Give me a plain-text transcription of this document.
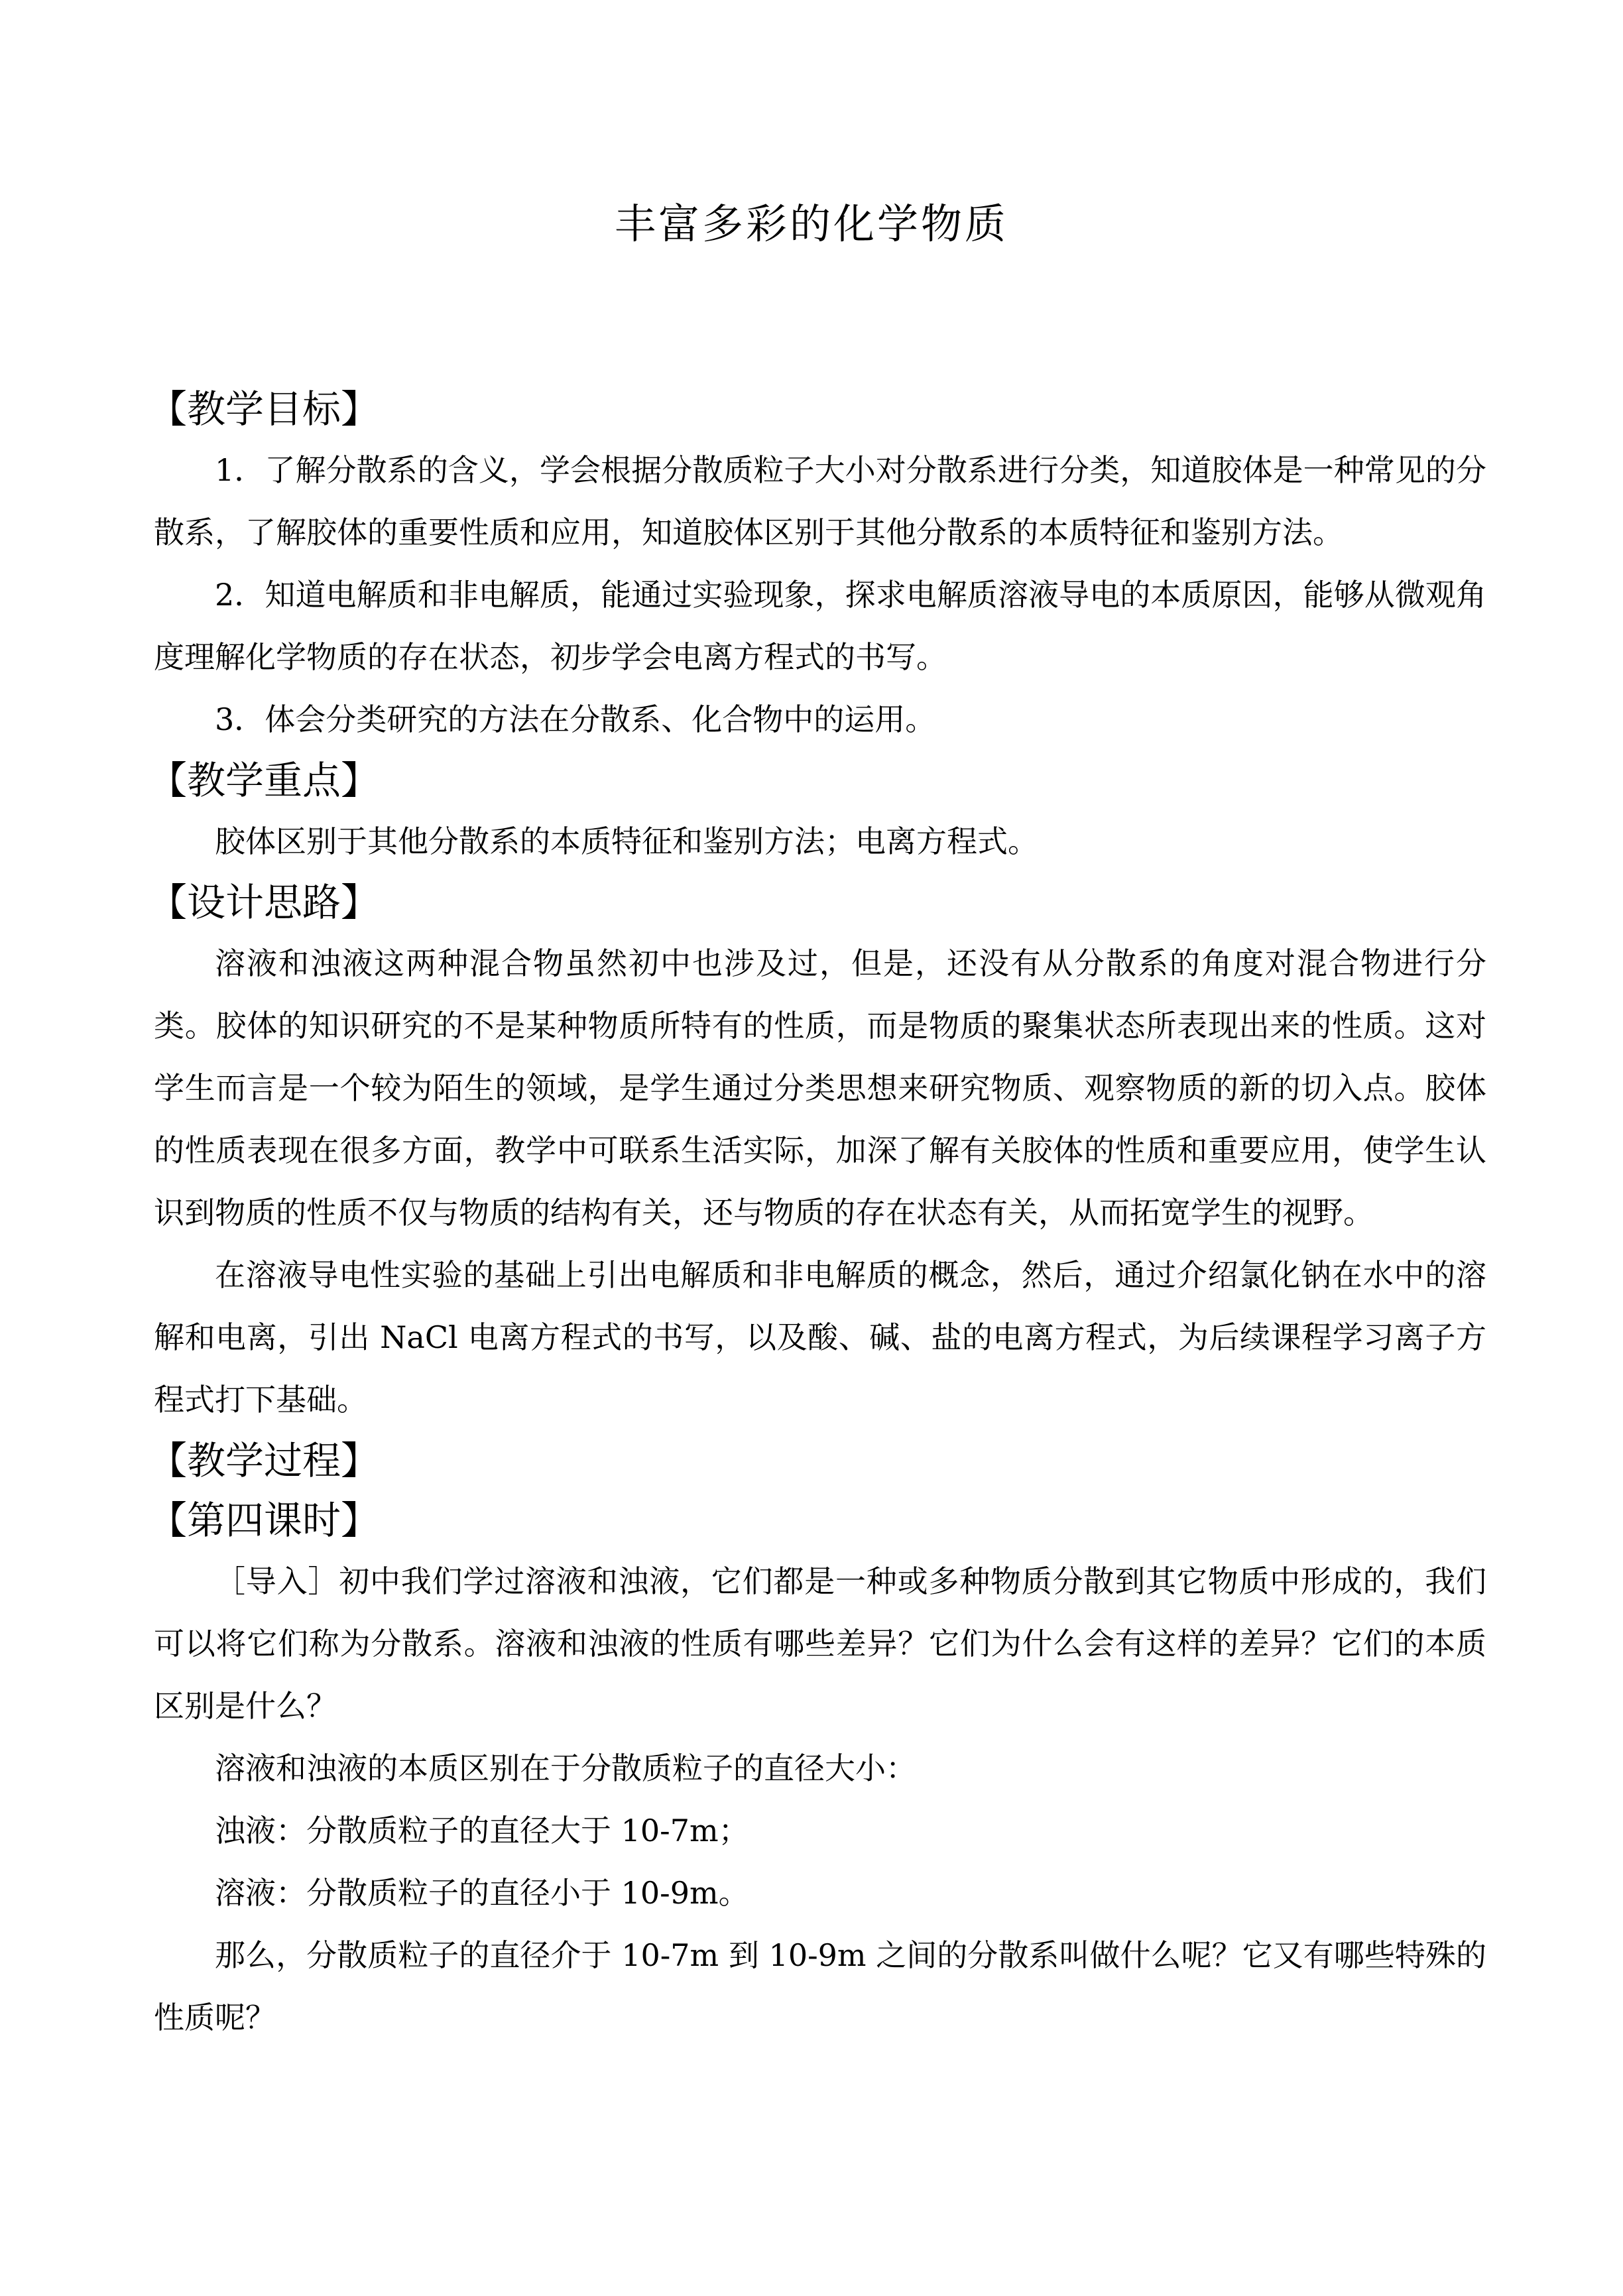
丰富多彩的化学物质

【教学目标】

1．了解分散系的含义，学会根据分散质粒子大小对分散系进行分类，知道胶体是一种常见的分散系，了解胶体的重要性质和应用，知道胶体区别于其他分散系的本质特征和鉴别方法。

2．知道电解质和非电解质，能通过实验现象，探求电解质溶液导电的本质原因，能够从微观角度理解化学物质的存在状态，初步学会电离方程式的书写。

3．体会分类研究的方法在分散系、化合物中的运用。

【教学重点】

胶体区别于其他分散系的本质特征和鉴别方法；电离方程式。

【设计思路】

溶液和浊液这两种混合物虽然初中也涉及过，但是，还没有从分散系的角度对混合物进行分类。胶体的知识研究的不是某种物质所特有的性质，而是物质的聚集状态所表现出来的性质。这对学生而言是一个较为陌生的领域，是学生通过分类思想来研究物质、观察物质的新的切入点。胶体的性质表现在很多方面，教学中可联系生活实际，加深了解有关胶体的性质和重要应用，使学生认识到物质的性质不仅与物质的结构有关，还与物质的存在状态有关，从而拓宽学生的视野。

在溶液导电性实验的基础上引出电解质和非电解质的概念，然后，通过介绍氯化钠在水中的溶解和电离，引出 NaCl 电离方程式的书写，以及酸、碱、盐的电离方程式，为后续课程学习离子方程式打下基础。

【教学过程】

【第四课时】

［导入］初中我们学过溶液和浊液，它们都是一种或多种物质分散到其它物质中形成的，我们可以将它们称为分散系。溶液和浊液的性质有哪些差异？它们为什么会有这样的差异？它们的本质区别是什么？

溶液和浊液的本质区别在于分散质粒子的直径大小：

浊液：分散质粒子的直径大于 10-7m；

溶液：分散质粒子的直径小于 10-9m。

那么，分散质粒子的直径介于 10-7m 到 10-9m 之间的分散系叫做什么呢？它又有哪些特殊的性质呢？
